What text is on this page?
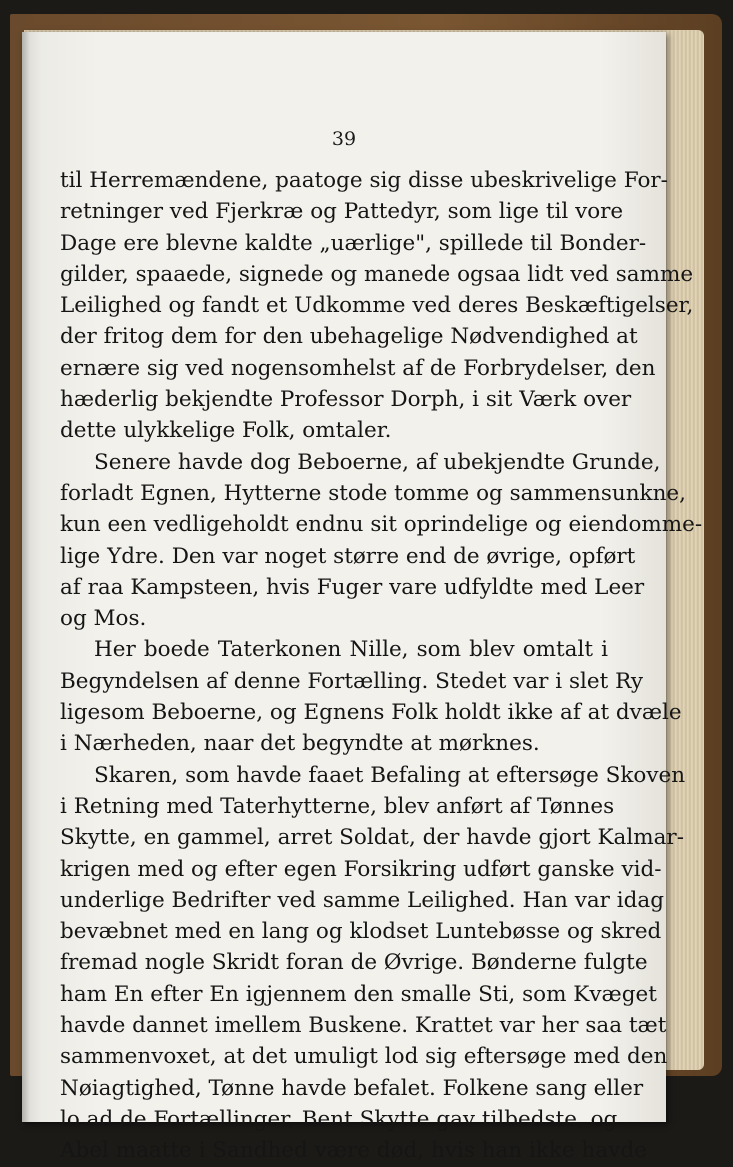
39
til Herremændene, paatoge sig disse ubeskrivelige For-
retninger ved Fjerkræ og Pattedyr, som lige til vore
Dage ere blevne kaldte „uærlige", spillede til Bonder-
gilder, spaaede, signede og manede ogsaa lidt ved samme
Leilighed og fandt et Udkomme ved deres Beskæftigelser,
der fritog dem for den ubehagelige Nødvendighed at
ernære sig ved nogensomhelst af de Forbrydelser, den
hæderlig bekjendte Professor Dorph, i sit Værk over
dette ulykkelige Folk, omtaler.
Senere havde dog Beboerne, af ubekjendte Grunde,
forladt Egnen, Hytterne stode tomme og sammensunkne,
kun een vedligeholdt endnu sit oprindelige og eiendomme-
lige Ydre. Den var noget større end de øvrige, opført
af raa Kampsteen, hvis Fuger vare udfyldte med Leer
og Mos.
Her boede Taterkonen Nille, som blev omtalt i
Begyndelsen af denne Fortælling. Stedet var i slet Ry
ligesom Beboerne, og Egnens Folk holdt ikke af at dvæle
i Nærheden, naar det begyndte at mørknes.
Skaren, som havde faaet Befaling at eftersøge Skoven
i Retning med Taterhytterne, blev anført af Tønnes
Skytte, en gammel, arret Soldat, der havde gjort Kalmar-
krigen med og efter egen Forsikring udført ganske vid-
underlige Bedrifter ved samme Leilighed. Han var idag
bevæbnet med en lang og klodset Luntebøsse og skred
fremad nogle Skridt foran de Øvrige. Bønderne fulgte
ham En efter En igjennem den smalle Sti, som Kvæget
havde dannet imellem Buskene. Krattet var her saa tæt
sammenvoxet, at det umuligt lod sig eftersøge med den
Nøiagtighed, Tønne havde befalet. Folkene sang eller
lo ad de Fortællinger, Bent Skytte gav tilbedste, og
Abel maatte i Sandhed være død, hvis han ikke havde
